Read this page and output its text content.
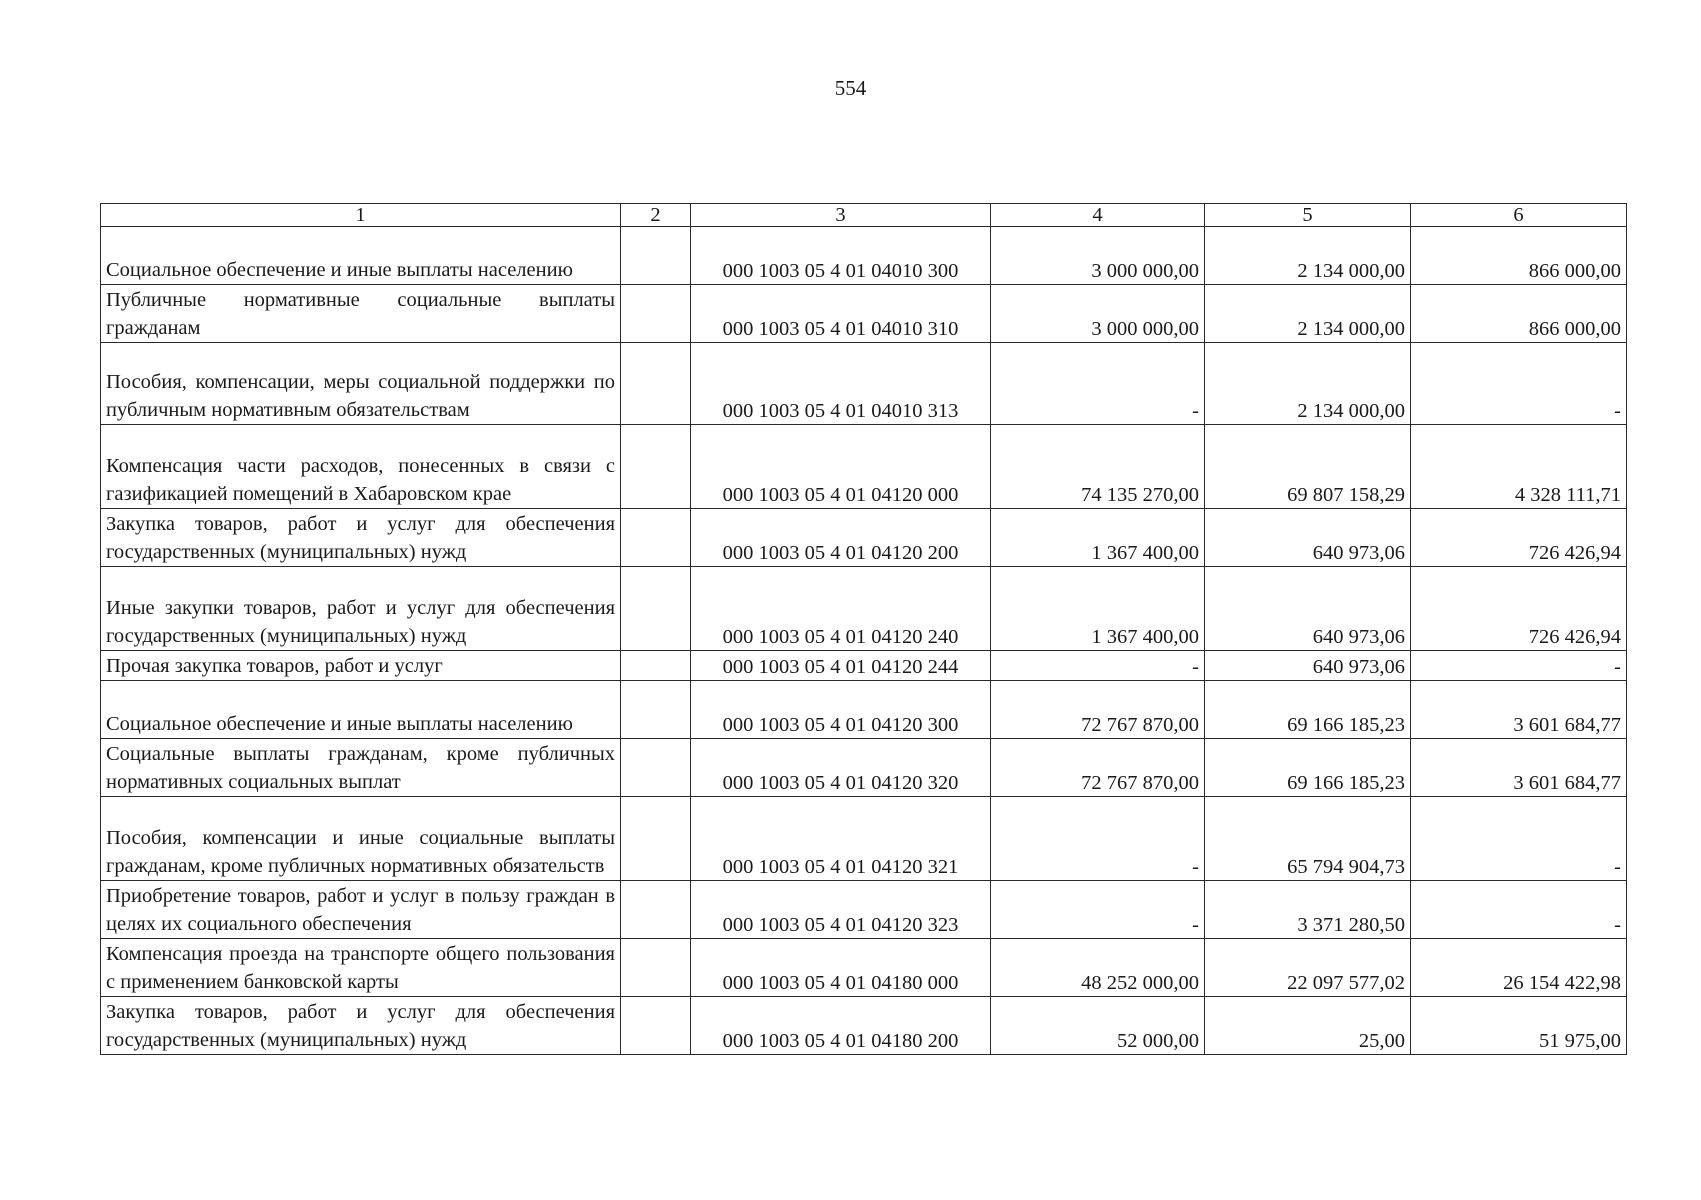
554
1	2	3	4	5	6
Социальное обеспечение и иные выплаты населению		000 1003 05 4 01 04010 300	3 000 000,00	2 134 000,00	866 000,00
Публичные нормативные социальные выплаты гражданам		000 1003 05 4 01 04010 310	3 000 000,00	2 134 000,00	866 000,00
Пособия, компенсации, меры социальной поддержки по публичным нормативным обязательствам		000 1003 05 4 01 04010 313	-	2 134 000,00	-
Компенсация части расходов, понесенных в связи с газификацией помещений в Хабаровском крае		000 1003 05 4 01 04120 000	74 135 270,00	69 807 158,29	4 328 111,71
Закупка товаров, работ и услуг для обеспечения государственных (муниципальных) нужд		000 1003 05 4 01 04120 200	1 367 400,00	640 973,06	726 426,94
Иные закупки товаров, работ и услуг для обеспечения государственных (муниципальных) нужд		000 1003 05 4 01 04120 240	1 367 400,00	640 973,06	726 426,94
Прочая закупка товаров, работ и услуг		000 1003 05 4 01 04120 244	-	640 973,06	-
Социальное обеспечение и иные выплаты населению		000 1003 05 4 01 04120 300	72 767 870,00	69 166 185,23	3 601 684,77
Социальные выплаты гражданам, кроме публичных нормативных социальных выплат		000 1003 05 4 01 04120 320	72 767 870,00	69 166 185,23	3 601 684,77
Пособия, компенсации и иные социальные выплаты гражданам, кроме публичных нормативных обязательств		000 1003 05 4 01 04120 321	-	65 794 904,73	-
Приобретение товаров, работ и услуг в пользу граждан в целях их социального обеспечения		000 1003 05 4 01 04120 323	-	3 371 280,50	-
Компенсация проезда на транспорте общего пользования с применением банковской карты		000 1003 05 4 01 04180 000	48 252 000,00	22 097 577,02	26 154 422,98
Закупка товаров, работ и услуг для обеспечения государственных (муниципальных) нужд		000 1003 05 4 01 04180 200	52 000,00	25,00	51 975,00
